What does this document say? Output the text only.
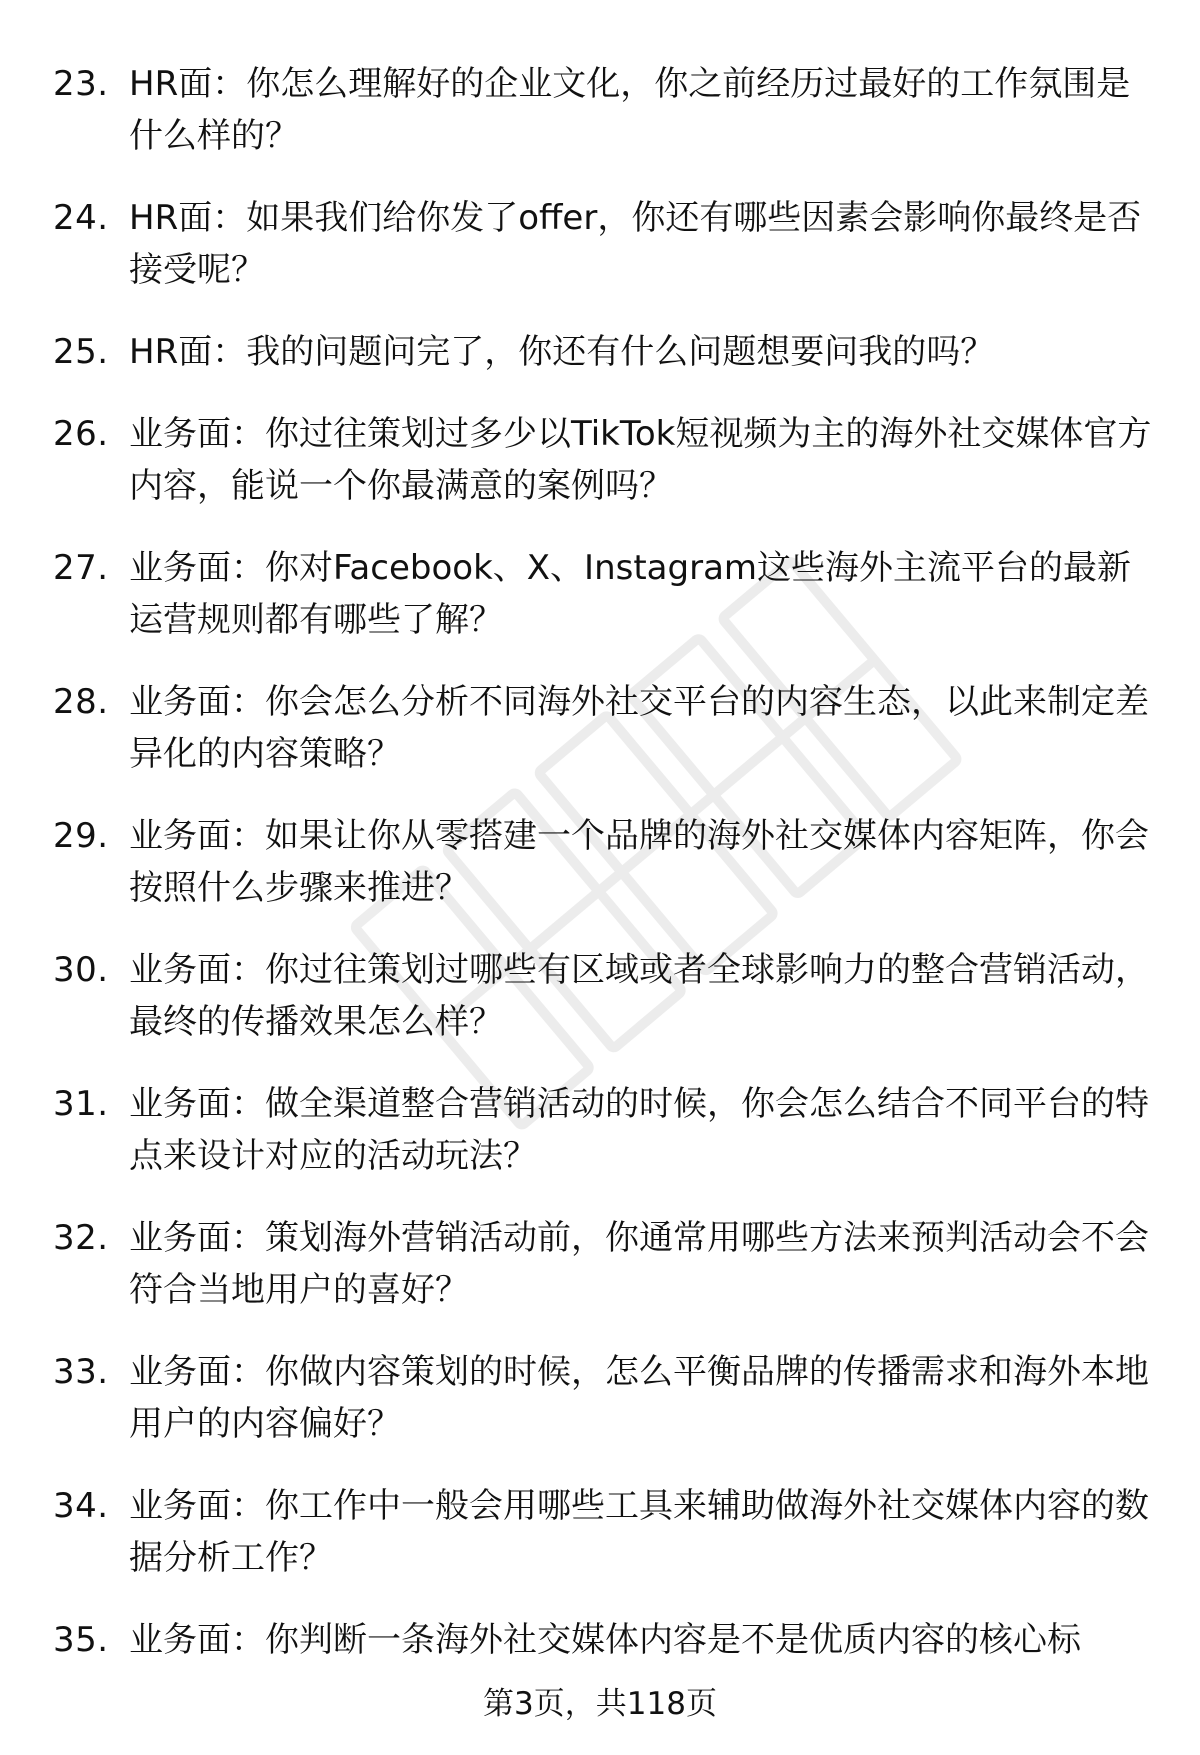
23. HR面：你怎么理解好的企业文化，你之前经历过最好的工作氛围是什么样的？
24. HR面：如果我们给你发了offer，你还有哪些因素会影响你最终是否接受呢？
25. HR面：我的问题问完了，你还有什么问题想要问我的吗？
26. 业务面：你过往策划过多少以TikTok短视频为主的海外社交媒体官方内容，能说一个你最满意的案例吗？
27. 业务面：你对Facebook、X、Instagram这些海外主流平台的最新运营规则都有哪些了解？
28. 业务面：你会怎么分析不同海外社交平台的内容生态，以此来制定差异化的内容策略？
29. 业务面：如果让你从零搭建一个品牌的海外社交媒体内容矩阵，你会按照什么步骤来推进？
30. 业务面：你过往策划过哪些有区域或者全球影响力的整合营销活动，最终的传播效果怎么样？
31. 业务面：做全渠道整合营销活动的时候，你会怎么结合不同平台的特点来设计对应的活动玩法？
32. 业务面：策划海外营销活动前，你通常用哪些方法来预判活动会不会符合当地用户的喜好？
33. 业务面：你做内容策划的时候，怎么平衡品牌的传播需求和海外本地用户的内容偏好？
34. 业务面：你工作中一般会用哪些工具来辅助做海外社交媒体内容的数据分析工作？
35. 业务面：你判断一条海外社交媒体内容是不是优质内容的核心标
第3页，共118页
